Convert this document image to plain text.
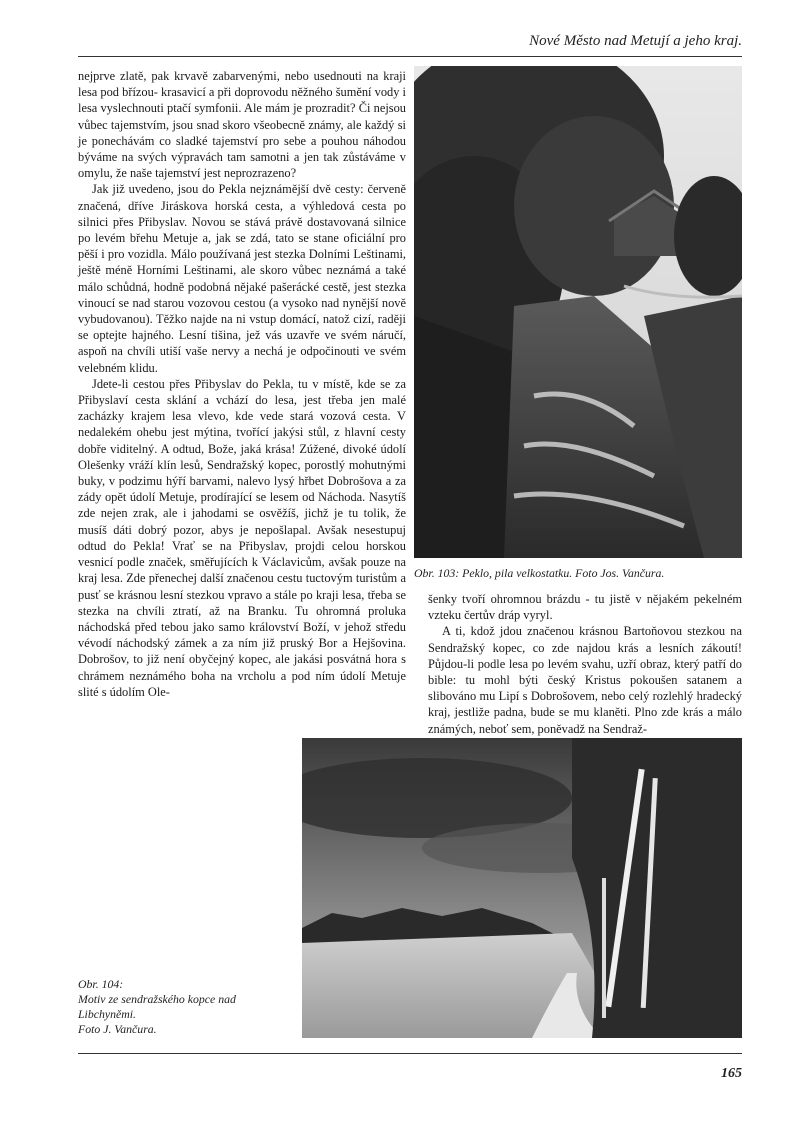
Nové Město nad Metují a jeho kraj.

nejprve zlatě, pak krvavě zabarvenými, nebo usednouti na kraji lesa pod břízou- krasavicí a při doprovodu něžného šumění vody i lesa vyslechnouti ptačí symfonii. Ale mám je prozradit? Či nejsou vůbec tajemstvím, jsou snad skoro všeobecně známy, ale každý si je ponechávám co sladké tajemství pro sebe a pouhou náhodou býváme na svých výpravách tam samotni a jen tak zůstáváme v omylu, že naše tajemství jest neprozrazeno?

Jak již uvedeno, jsou do Pekla nejznámější dvě cesty: červeně značená, dříve Jiráskova horská cesta, a výhledová cesta po silnici přes Přibyslav. Novou se stává právě dostavovaná silnice po levém břehu Metuje a, jak se zdá, tato se stane oficiální pro pěší i pro vozidla. Málo používaná jest stezka Dolními Leštinami, ještě méně Horními Leštinami, ale skoro vůbec neznámá a také málo schůdná, hodně podobná nějaké pašerácké cestě, jest stezka vinoucí se nad starou vozovou cestou (a vysoko nad nynější nově vybudovanou). Těžko najde na ni vstup domácí, natož cizí, raději se optejte hajného. Lesní tišina, jež vás uzavře ve svém náručí, aspoň na chvíli utiší vaše nervy a nechá je odpočinouti ve svém velebném klidu.

Jdete-li cestou přes Přibyslav do Pekla, tu v místě, kde se za Přibyslaví cesta sklání a vchází do lesa, jest třeba jen malé zacházky krajem lesa vlevo, kde vede stará vozová cesta. V nedalekém ohebu jest mýtina, tvořící jakýsi stůl, z hlavní cesty dobře viditelný. A odtud, Bože, jaká krása! Zúžené, divoké údolí Olešenky vráží klín lesů, Sendražský kopec, porostlý mohutnými buky, v podzimu hýří barvami, nalevo lysý hřbet Dobrošova a za zády opět údolí Metuje, prodírající se lesem od Náchoda. Nasytíš zde nejen zrak, ale i jahodami se osvěžíš, jichž je tu tolik, že musíš dáti dobrý pozor, abys je nepošlapal. Avšak nesestupuj odtud do Pekla! Vrať se na Přibyslav, projdi celou horskou vesnicí podle značek, směřujících k Václavicům, avšak pouze na kraj lesa. Zde přenechej další značenou cestu tuctovým turistům a pusť se krásnou lesní stezkou vpravo a stále po kraji lesa, třeba se stezka na chvíli ztratí, až na Branku. Tu ohromná proluka náchodská před tebou jako samo království Boží, v jehož středu vévodí náchodský zámek a za ním již pruský Bor a Hejšovina. Dobrošov, to již není obyčejný kopec, ale jakási posvátná hora s chrámem neznámého boha na vrcholu a pod ním údolí Metuje slité s údolím Ole-

Obr. 103: Peklo, pila velkostatku. Foto Jos. Vančura.

šenky tvoří ohromnou brázdu - tu jistě v nějakém pekelném vzteku čertův dráp vyryl.

A ti, kdož jdou značenou krásnou Bartoňovou stezkou na Sendražský kopec, co zde najdou krás a lesních zákoutí! Půjdou-li podle lesa po levém svahu, uzří obraz, který patří do bible: tu mohl býti český Kristus pokoušen satanem a slibováno mu Lipí s Dobrošovem, nebo celý rozlehlý hradecký kraj, jestliže padna, bude se mu klaněti. Plno zde krás a málo známých, neboť sem, poněvadž na Sendraž-

Obr. 104:
Motiv ze sendražského kopce nad
Libchyněmi.
Foto J. Vančura.
165
